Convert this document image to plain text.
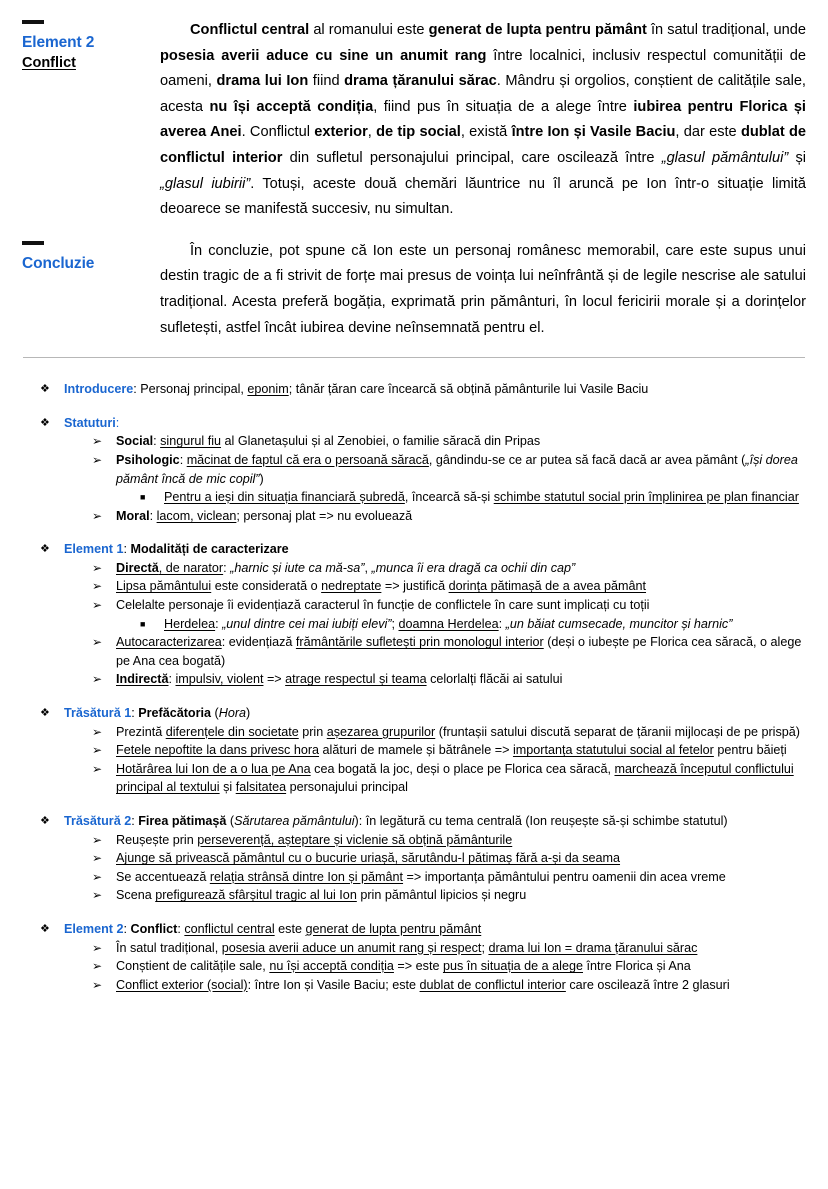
Element 2
Conflict
Conflictul central al romanului este generat de lupta pentru pământ în satul tradițional, unde posesia averii aduce cu sine un anumit rang între localnici, inclusiv respectul comunității de oameni, drama lui Ion fiind drama țăranului sărac. Mândru și orgolios, conștient de calitățile sale, acesta nu își acceptă condiția, fiind pus în situația de a alege între iubirea pentru Florica și averea Anei. Conflictul exterior, de tip social, există între Ion și Vasile Baciu, dar este dublat de conflictul interior din sufletul personajului principal, care oscilează între „glasul pământului” și „glasul iubirii”. Totuși, aceste două chemări lăuntrice nu îl aruncă pe Ion într-o situație limită deoarece se manifestă succesiv, nu simultan.
Concluzie
În concluzie, pot spune că Ion este un personaj românesc memorabil, care este supus unui destin tragic de a fi strivit de forțe mai presus de voința lui neînfrântă și de legile nescrise ale satului tradițional. Acesta preferă bogăția, exprimată prin pământuri, în locul fericirii morale și a dorințelor sufletești, astfel încât iubirea devine neînsemnată pentru el.
❖	Introducere: Personaj principal, eponim; tânăr țăran care încearcă să obțină pământurile lui Vasile Baciu
❖	Statuturi:
➢	Social: singurul fiu al Glanetașului și al Zenobiei, o familie săracă din Pripas
➢	Psihologic: măcinat de faptul că era o persoană săracă, gândindu-se ce ar putea să facă dacă ar avea pământ („își dorea pământ încă de mic copil”)
■	Pentru a ieși din situația financiară șubredă, încearcă să-și schimbe statutul social prin împlinirea pe plan financiar
➢	Moral: lacom, viclean; personaj plat => nu evoluează
❖	Element 1: Modalități de caracterizare
➢	Directă, de narator: „harnic și iute ca mă-sa”, „munca îi era dragă ca ochii din cap”
➢	Lipsa pământului este considerată o nedreptate => justifică dorința pătimașă de a avea pământ
➢	Celelalte personaje îi evidențiază caracterul în funcție de conflictele în care sunt implicați cu toții
■	Herdelea: „unul dintre cei mai iubiți elevi”; doamna Herdelea: „un băiat cumsecade, muncitor și harnic”
➢	Autocaracterizarea: evidențiază frământările sufletești prin monologul interior (deși o iubește pe Florica cea săracă, o alege pe Ana cea bogată)
➢	Indirectă: impulsiv, violent => atrage respectul și teama celorlalți flăcăi ai satului
❖	Trăsătură 1: Prefăcătoria (Hora)
➢	Prezintă diferențele din societate prin așezarea grupurilor (fruntașii satului discută separat de țăranii mijlocași de pe prispă)
➢	Fetele nepoftite la dans privesc hora alături de mamele și bătrânele => importanța statutului social al fetelor pentru băieți
➢	Hotărârea lui Ion de a o lua pe Ana cea bogată la joc, deși o place pe Florica cea săracă, marchează începutul conflictului principal al textului și falsitatea personajului principal
❖	Trăsătură 2: Firea pătimașă (Sărutarea pământului): în legătură cu tema centrală (Ion reușește să-și schimbe statutul)
➢	Reușește prin perseverență, așteptare și viclenie să obțină pământurile
➢	Ajunge să privească pământul cu o bucurie uriașă, sărutându-l pătimaș fără a-și da seama
➢	Se accentuează relația strânsă dintre Ion și pământ => importanța pământului pentru oamenii din acea vreme
➢	Scena prefigurează sfârșitul tragic al lui Ion prin pământul lipicios și negru
❖	Element 2: Conflict: conflictul central este generat de lupta pentru pământ
➢	În satul tradițional, posesia averii aduce un anumit rang și respect; drama lui Ion = drama țăranului sărac
➢	Conștient de calitățile sale, nu își acceptă condiția => este pus în situația de a alege între Florica și Ana
➢	Conflict exterior (social): între Ion și Vasile Baciu; este dublat de conflictul interior care oscilează între 2 glasuri
